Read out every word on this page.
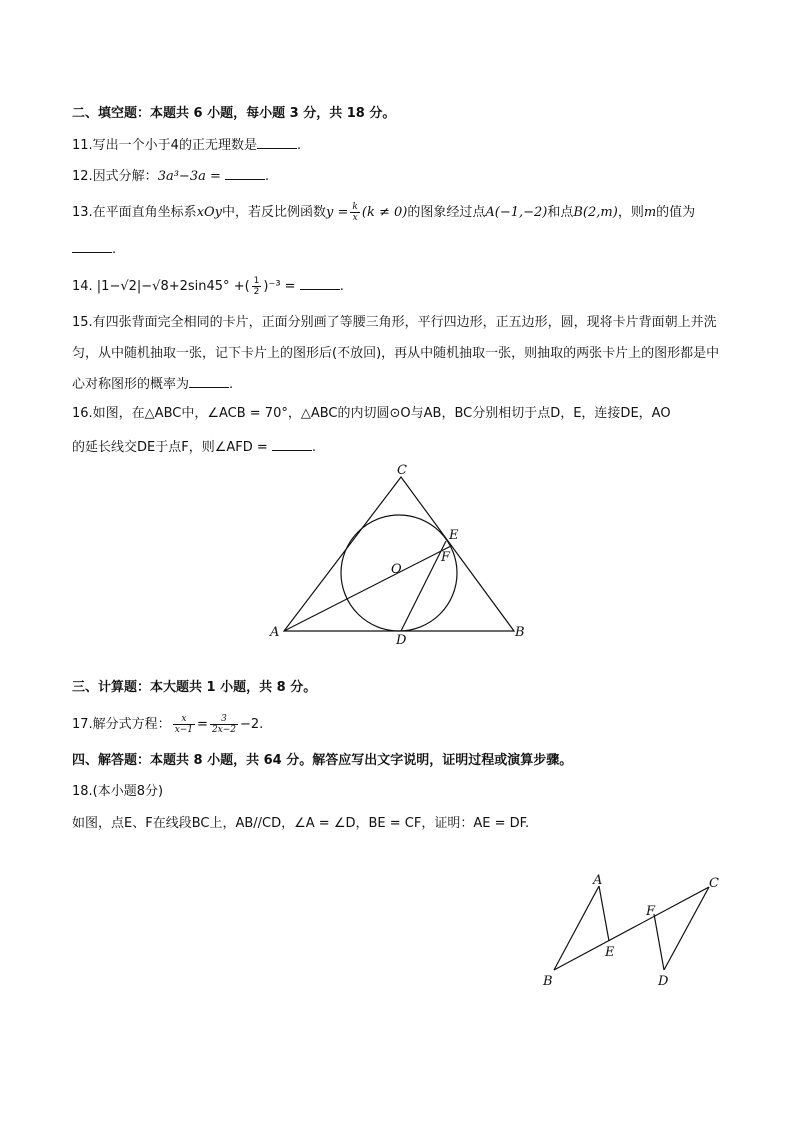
二、填空题：本题共 6 小题，每小题 3 分，共 18 分。
11.写出一个小于4的正无理数是	.
12.因式分解：3a³−3a =	.
13.在平面直角坐标系xOy中，若反比例函数$y = \frac{k}{x} (k \ne 0)$的图象经过点A(−1,−2)和点B(2,m)，则m的值为
.
14. |1−√2|−√8+2sin45° +( $\frac{1}{2} )^{-3}$ =	.
15.有四张背面完全相同的卡片，正面分别画了等腰三角形，平行四边形，正五边形，圆，现将卡片背面朝上并洗匀，从中随机抽取一张，记下卡片上的图形后(不放回)，再从中随机抽取一张，则抽取的两张卡片上的图形都是中心对称图形的概率为	.
16.如图，在△ABC中，∠ACB = 70°，△ABC的内切圆⊙O与AB，BC分别相切于点D，E，连接DE，AO
的延长线交DE于点F，则∠AFD =	.
C
A	B
D
E
F
O
三、计算题：本大题共 1 小题，共 8 分。
17.解分式方程： $\frac{x}{x-1} = \frac{3}{2x-2} -2$.
四、解答题：本题共 8 小题，共 64 分。解答应写出文字说明，证明过程或演算步骤。
18.(本小题8分)
如图，点E、F在线段BC上，AB//CD，∠A = ∠D，BE = CF，证明：AE = DF.
A
B
C
D
E
F
